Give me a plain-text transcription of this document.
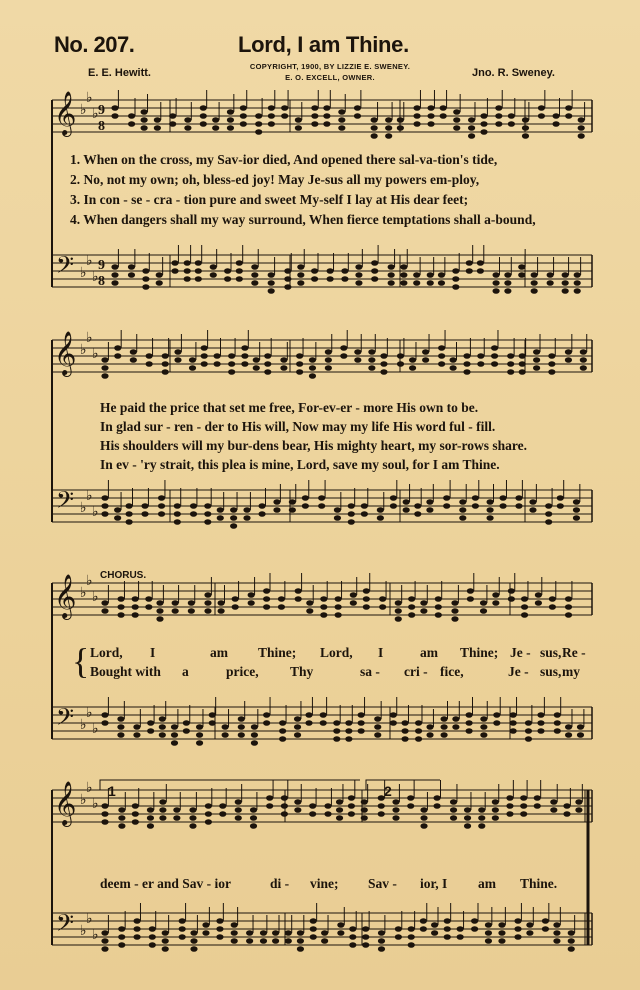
No. 207.	Lord, I am Thine.
E. E. Hewitt.
COPYRIGHT, 1900, BY LIZZIE E. SWENEY.
E. O. EXCELL, OWNER.	Jno. R. Sweney.
𝄞
𝄢
♭
♭
♭
♭
♭
♭
9
8
9
8
𝄞
𝄢
♭
♭
♭
♭
♭
♭
𝄞
𝄢
♭
♭
♭
♭
♭
♭
𝄞
𝄢
♭
♭
♭
♭
♭
♭
1. When on the cross, my Sav-ior died, And opened there sal-va-tion's tide,
2. No, not my own; oh, bless-ed joy! May Je-sus all my powers em-ploy,
3. In con - se - cra - tion pure and sweet My-self I lay at His dear feet;
4. When dangers shall my way surround, When fierce temptations shall a-bound,
He paid the price that set me free, For-ev-er - more His own to be.
In glad sur - ren - der to His will, Now may my life His word ful - fill.
His shoulders will my bur-dens bear, His mighty heart, my sor-rows share.
In ev - 'ry strait, this plea is mine, Lord, save my soul, for I am Thine.
CHORUS.
{ Lord, I	am Thine; Lord, I	am Thine; Je - sus, Re -
Bought with a	price, Thy	sa - cri - fice,	Je - sus, my
deem - er and Sav - ior	di - vine; Sav - ior, I am Thine.
1	2
